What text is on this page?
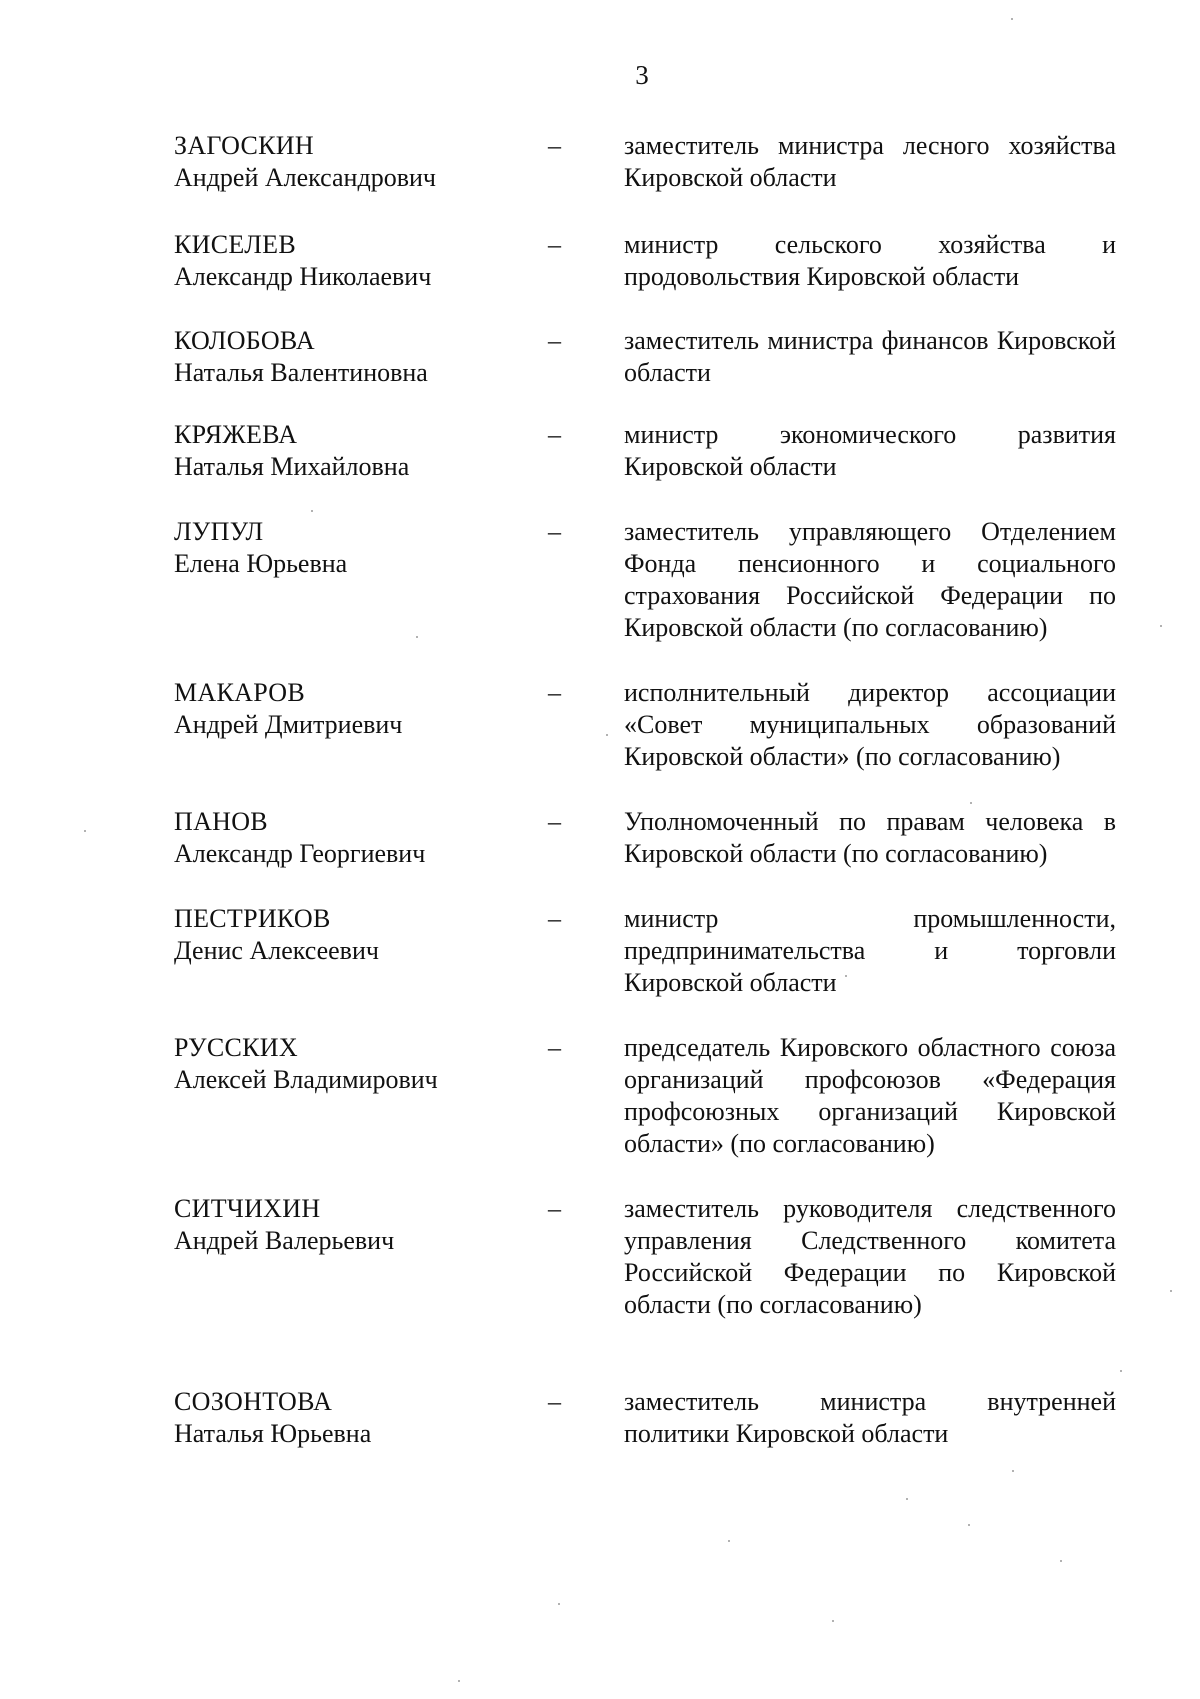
3
ЗАГОСКИН
Андрей Александрович
–	заместитель министра лесного хозяйства Кировской области
КИСЕЛЕВ
Александр Николаевич
–	министр сельского хозяйства и продовольствия Кировской области
КОЛОБОВА
Наталья Валентиновна
–	заместитель министра финансов Кировской области
КРЯЖЕВА
Наталья Михайловна
–	министр экономического развития Кировской области
ЛУПУЛ
Елена Юрьевна
–	заместитель управляющего Отделением Фонда пенсионного и социального страхования Российской Федерации по Кировской области (по согласованию)
МАКАРОВ
Андрей Дмитриевич
–	исполнительный директор ассоциации «Совет муниципальных образований Кировской области» (по согласованию)
ПАНОВ
Александр Георгиевич
–	Уполномоченный по правам человека в Кировской области (по согласованию)
ПЕСТРИКОВ
Денис Алексеевич
–	министр промышленности, предпринимательства и торговли Кировской области
РУССКИХ
Алексей Владимирович
–	председатель Кировского областного союза организаций профсоюзов «Федерация профсоюзных организаций Кировской области» (по согласованию)
СИТЧИХИН
Андрей Валерьевич
–	заместитель руководителя следственного управления Следственного комитета Российской Федерации по Кировской области (по согласованию)
СОЗОНТОВА
Наталья Юрьевна
–	заместитель министра внутренней политики Кировской области
